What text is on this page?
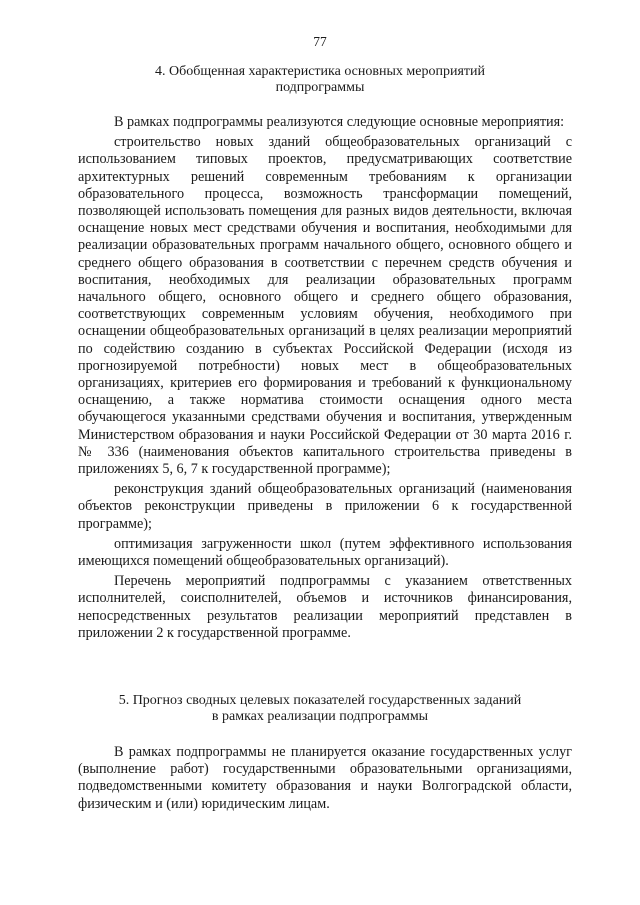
77
4. Обобщенная характеристика основных мероприятий
подпрограммы

В рамках подпрограммы реализуются следующие основные мероприятия:

строительство новых зданий общеобразовательных организаций с использованием типовых проектов, предусматривающих соответствие архитектурных решений современным требованиям к организации образовательного процесса, возможность трансформации помещений, позволяющей использовать помещения для разных видов деятельности, включая оснащение новых мест средствами обучения и воспитания, необходимыми для реализации образовательных программ начального общего, основного общего и среднего общего образования в соответствии с перечнем средств обучения и воспитания, необходимых для реализации образовательных программ начального общего, основного общего и среднего общего образования, соответствующих современным условиям обучения, необходимого при оснащении общеобразовательных организаций в целях реализации мероприятий по содействию созданию в субъектах Российской Федерации (исходя из прогнозируемой потребности) новых мест в общеобразовательных организациях, критериев его формирования и требований к функциональному оснащению, а также норматива стоимости оснащения одного места обучающегося указанными средствами обучения и воспитания, утвержденным Министерством образования и науки Российской Федерации от 30 марта 2016 г. № 336 (наименования объектов капитального строительства приведены в приложениях 5, 6, 7 к государственной программе);

реконструкция зданий общеобразовательных организаций (наименования объектов реконструкции приведены в приложении 6 к государственной программе);

оптимизация загруженности школ (путем эффективного использования имеющихся помещений общеобразовательных организаций).

Перечень мероприятий подпрограммы с указанием ответственных исполнителей, соисполнителей, объемов и источников финансирования, непосредственных результатов реализации мероприятий представлен в приложении 2 к государственной программе.

5. Прогноз сводных целевых показателей государственных заданий
в рамках реализации подпрограммы

В рамках подпрограммы не планируется оказание государственных услуг (выполнение работ) государственными образовательными организациями, подведомственными комитету образования и науки Волгоградской области, физическим и (или) юридическим лицам.
